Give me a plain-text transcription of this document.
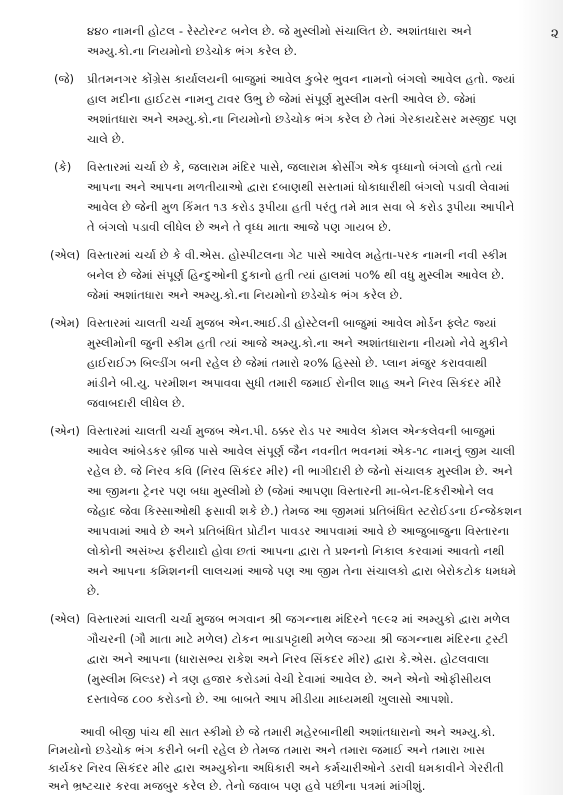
૨
૪૪૦ નામની હોટલ - રેસ્ટોરન્ટ બનેલ છે. જે મુસ્લીમો સંચાલિત છે. અશાંતધારા અને
અમ્યુ.કો.ના નિયમોનો છડેચોક ભંગ કરેલ છે.
(જે) પ્રીતમનગર કોંગ્રેસ કાર્યાલયની બાજુમાં આવેલ કુબેર ભુવન નામનો બંગલો આવેલ હતો. જ્યાં
હાલ મદીના હાઈટસ નામનુ ટાવર ઉભુ છે જેમાં સંપૂર્ણ મુસ્લીમ વસ્તી આવેલ છે. જેમાં
અશાંતધારા અને અમ્યુ.કો.ના નિયમોનો છડેચોક ભંગ કરેલ છે તેમાં ગેરકાયદેસર મસ્જીદ પણ
ચાલે છે.
(કે) વિસ્તારમાં ચર્ચા છે કે, જલારામ મંદિર પાસે, જલારામ ક્રોસીંગ એક વૃધ્ધાનો બંગલો હતો ત્યાં
આપના અને આપના મળતીયાઓ દ્વારા દબાણથી સસ્તામાં ધોકાધારીથી બંગલો પડાવી લેવામાં
આવેલ છે જેની મુળ કિંમત ૧૩ કરોડ રૂપીયા હતી પરંતુ તમે માત્ર સવા બે કરોડ રૂપીયા આપીને
તે બંગલો પડાવી લીધેલ છે અને તે વૃધ્ધ માતા આજે પણ ગાયબ છે.
(એલ) વિસ્તારમાં ચર્ચા છે કે વી.એસ. હોસ્પીટલના ગેટ પાસે આવેલ મહેતા-પરક નામની નવી સ્કીમ
બનેલ છે જેમાં સંપૂર્ણ હિન્દુઓની દુકાનો હતી ત્યાં હાલમાં ૫૦% થી વધુ મુસ્લીમ આવેલ છે.
જેમાં અશાંતધારા અને અમ્યુ.કો.ના નિયમોનો છડેચોક ભંગ કરેલ છે.
(એમ) વિસ્તારમાં ચાલતી ચર્ચા મુજબ એન.આઈ.ડી હોસ્ટેલની બાજુમાં આવેલ મોર્ડન ફ્લેટ જ્યાં
મુસ્લીમોની જુની સ્કીમ હતી ત્યાં આજે અમ્યુ.કો.ના અને અશાંતધારાના નીયમો નેવે મુકીને
હાઈરાઈઝ બિલ્ડીંગ બની રહેલ છે જેમાં તમારો ૨૦% હિસ્સો છે. પ્લાન મંજુર કરાવવાથી
માંડીને બી.યુ. પરમીશન અપાવવા સુધી તમારી જમાઈ રોનીલ શાહ અને નિરવ સિકંદર મીરે
જવાબદારી લીધેલ છે.
(એન) વિસ્તારમાં ચાલતી ચર્ચા મુજબ એન.પી. ઠક્કર રોડ પર આવેલ કોમલ એન્કલેવની બાજુમાં
આવેલ આંબેડકર બ્રીજ પાસે આવેલ સંપૂર્ણ જૈન નવનીત ભવનમાં એક-૧૮ નામનું જીમ ચાલી
રહેલ છે. જે નિરવ કવિ (નિરવ સિકંદર મીર) ની ભાગીદારી છે જેનો સંચાલક મુસ્લીમ છે. અને
આ જીમના ટ્રેનર પણ બધા મુસ્લીમો છે (જેમાં આપણા વિસ્તારની મા-બેન-દિકરીઓને લવ
જેહાદ જેવા કિસ્સાઓથી ફસાવી શકે છે.) તેમજ આ જીમમાં પ્રતિબંધિત સ્ટરોઈડના ઈન્જેકશન
આપવામાં આવે છે અને પ્રતિબંધિત પ્રોટીન પાવડર આપવામાં આવે છે આજુબાજુના વિસ્તારના
લોકોની અસંખ્ય ફરીયાદો હોવા છતાં આપના દ્વારા તે પ્રશ્નનો નિકાલ કરવામાં આવતો નથી
અને આપના કમિશનની લાલચમાં આજે પણ આ જીમ તેના સંચાલકો દ્વારા બેરોકટોક ધમધમે
છે.
(એલ) વિસ્તારમાં ચાલતી ચર્ચા મુજબ ભગવાન શ્રી જગન્નાથ મંદિરને ૧૯૯૨ માં અમ્યુકો દ્વારા મળેલ
ગૌચરની (ગૌ માતા માટે મળેલ) ટોકન ભાડાપટ્ટાથી મળેલ જગ્યા શ્રી જગન્નાથ મંદિરના ટ્રસ્ટી
દ્વારા અને આપના (ધારાસભ્ય રાકેશ અને નિરવ સિંકદર મીર) દ્વારા કે.એસ. હોટલવાલા
(મુસ્લીમ બિલ્ડર) ને ત્રણ હજાર કરોડમાં વેચી દેવામાં આવેલ છે. અને એનો ઓફીસીયલ
દસ્તાવેજ ૮૦૦ કરોડનો છે. આ બાબતે આપ મીડીયા માધ્યમથી ખુલાસો આપશો.
આવી બીજી પાંચ થી સાત સ્કીમો છે જે તમારી મહેરબાનીથી અશાંતધારાનો અને અમ્યુ.કો.
નિમયોનો છડેચોક ભંગ કરીને બની રહેલ છે તેમજ તમારા અને તમારા જમાઈ અને તમારા ખાસ
કાર્યકર નિરવ સિકંદર મીર દ્વારા અમ્યુકોના અધિકારી અને કર્મચારીઓને ડરાવી ધમકાવીને ગેરરીતી
અને ભ્રષ્ટચાર કરવા મજબુર કરેલ છે. તેનો જવાબ પણ હવે પછીના પત્રમાં માંગીશું.
